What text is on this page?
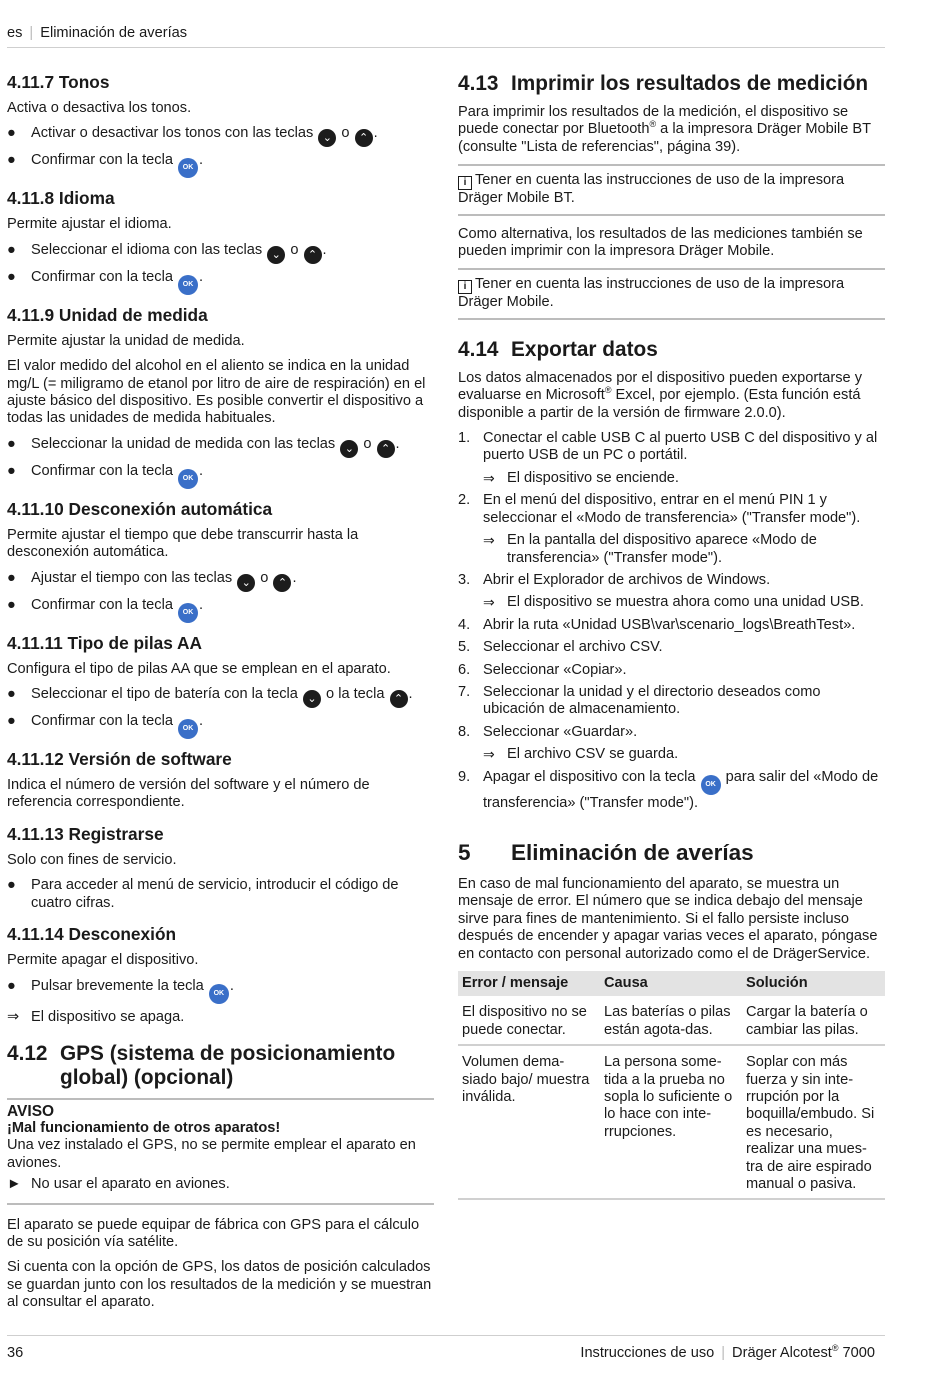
es | Eliminación de averías
4.11.7 Tonos

Activa o desactiva los tonos.

●	Activar o desactivar los tonos con las teclas ⌄ o ⌃ .
●	Confirmar con la tecla OK .
4.11.8 Idioma

Permite ajustar el idioma.

●	Seleccionar el idioma con las teclas ⌄ o ⌃ .
●	Confirmar con la tecla OK .
4.11.9 Unidad de medida

Permite ajustar la unidad de medida.

El valor medido del alcohol en el aliento se indica en la unidad mg/L (= miligramo de etanol por litro de aire de respiración) en el ajuste básico del dispositivo. Es posible convertir el dispositivo a todas las unidades de medida habituales.

●	Seleccionar la unidad de medida con las teclas ⌄ o ⌃ .
●	Confirmar con la tecla OK .
4.11.10 Desconexión automática

Permite ajustar el tiempo que debe transcurrir hasta la desconexión automática.

●	Ajustar el tiempo con las teclas ⌄ o ⌃ .
●	Confirmar con la tecla OK .
4.11.11 Tipo de pilas AA

Configura el tipo de pilas AA que se emplean en el aparato.

●	Seleccionar el tipo de batería con la tecla ⌄ o la tecla ⌃ .
●	Confirmar con la tecla OK .
4.11.12 Versión de software

Indica el número de versión del software y el número de referencia correspondiente.

4.11.13 Registrarse

Solo con fines de servicio.

●	Para acceder al menú de servicio, introducir el código de cuatro cifras.
4.11.14 Desconexión

Permite apagar el dispositivo.

●	Pulsar brevemente la tecla OK .
⇒ El dispositivo se apaga.
4.12 GPS (sistema de posicionamiento global) (opcional)
AVISO
¡Mal funcionamiento de otros aparatos!
Una vez instalado el GPS, no se permite emplear el aparato en aviones.
► No usar el aparato en aviones.

El aparato se puede equipar de fábrica con GPS para el cálculo de su posición vía satélite.

Si cuenta con la opción de GPS, los datos de posición calculados se guardan junto con los resultados de la medición y se muestran al consultar el aparato.

4.13 Imprimir los resultados de medición

Para imprimir los resultados de la medición, el dispositivo se puede conectar por Bluetooth® a la impresora Dräger Mobile BT (consulte "Lista de referencias", página 39).

i Tener en cuenta las instrucciones de uso de la impresora Dräger Mobile BT.

Como alternativa, los resultados de las mediciones también se pueden imprimir con la impresora Dräger Mobile.

i Tener en cuenta las instrucciones de uso de la impresora Dräger Mobile.
4.14 Exportar datos

Los datos almacenados por el dispositivo pueden exportarse y evaluarse en Microsoft® Excel, por ejemplo. (Esta función está disponible a partir de la versión de firmware 2.0.0).

1. Conectar el cable USB C al puerto USB C del dispositivo y al puerto USB de un PC o portátil.
⇒ El dispositivo se enciende.
2. En el menú del dispositivo, entrar en el menú PIN 1 y seleccionar el «Modo de transferencia» ("Transfer mode").
⇒ En la pantalla del dispositivo aparece «Modo de transferencia» ("Transfer mode").
3. Abrir el Explorador de archivos de Windows.
⇒ El dispositivo se muestra ahora como una unidad USB.
4. Abrir la ruta «Unidad USB\var\scenario_logs\BreathTest».
5. Seleccionar el archivo CSV.
6. Seleccionar «Copiar».
7. Seleccionar la unidad y el directorio deseados como ubicación de almacenamiento.
8. Seleccionar «Guardar».
⇒ El archivo CSV se guarda.
9. Apagar el dispositivo con la tecla OK para salir del «Modo de transferencia» ("Transfer mode").
5	Eliminación de averías

En caso de mal funcionamiento del aparato, se muestra un mensaje de error. El número que se indica debajo del mensaje sirve para fines de mantenimiento. Si el fallo persiste incluso después de encender y apagar varias veces el aparato, póngase en contacto con personal autorizado como el de DrägerService.

Error / mensaje	Causa	Solución
El dispositivo no se puede conectar.	Las baterías o pilas están agota-das.	Cargar la batería o cambiar las pilas.
Volumen dema-siado bajo/ muestra inválida.	La persona some-tida a la prueba no sopla lo suficiente o lo hace con inte-rrupciones.	Soplar con más fuerza y sin inte-rrupción por la boquilla/embudo. Si es necesario, realizar una mues-tra de aire espirado manual o pasiva.
36	Instrucciones de uso | Dräger Alcotest® 7000
